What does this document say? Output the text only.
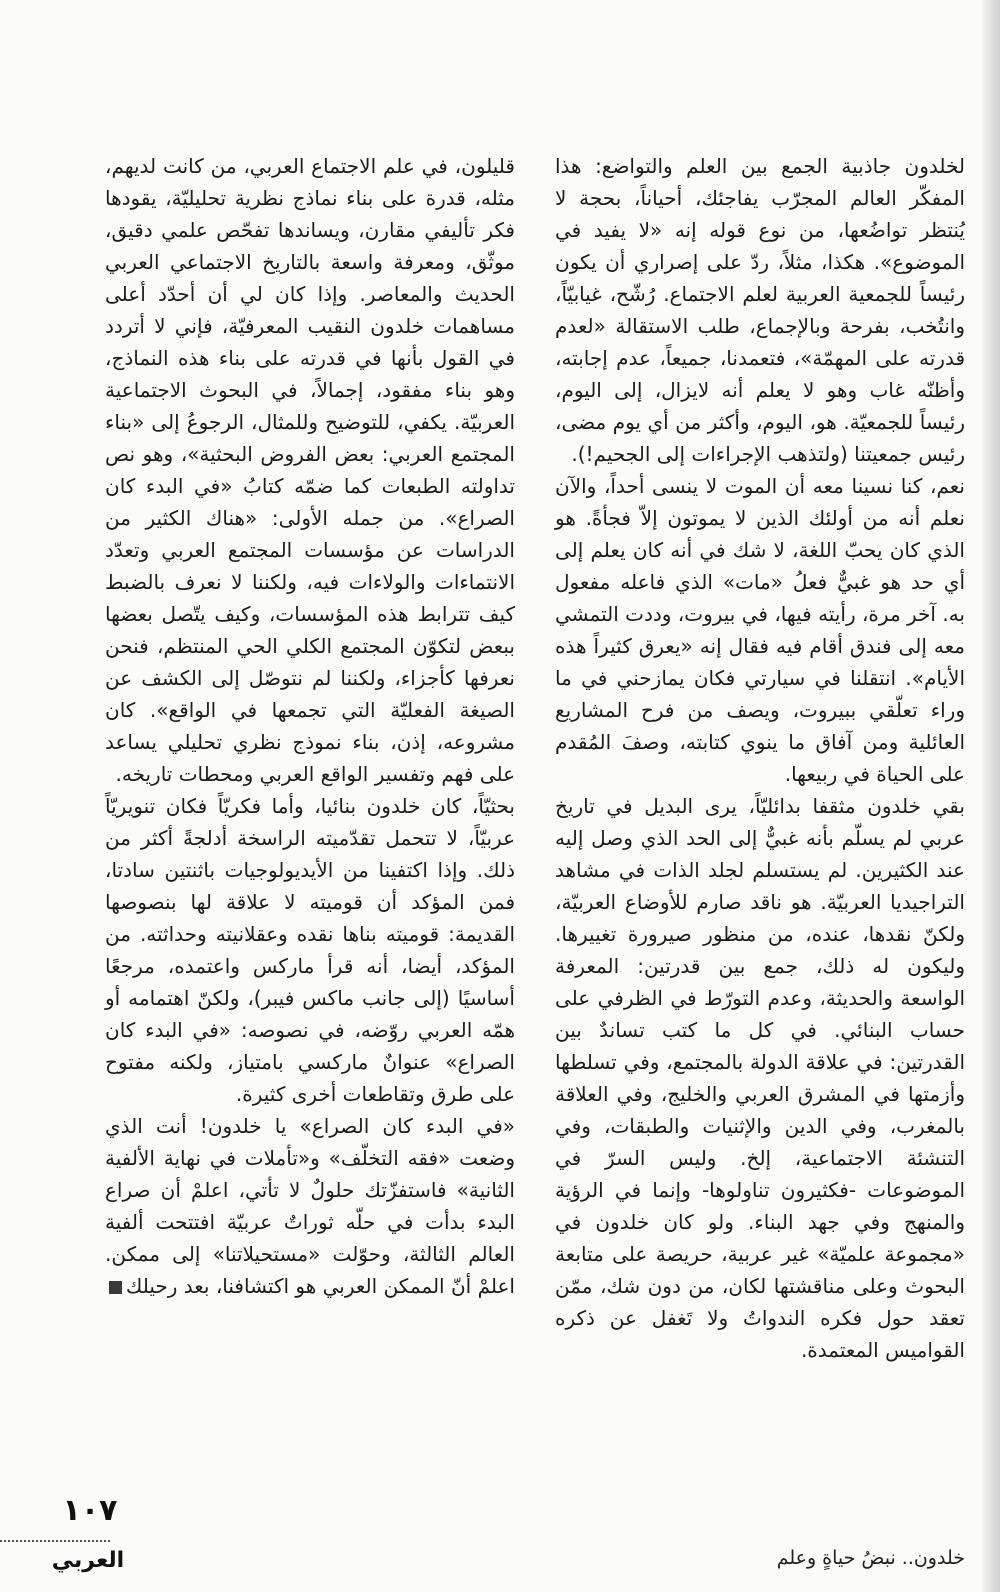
لخلدون جاذبية الجمع بين العلم والتواضع: هذا المفكّر العالم المجرّب يفاجئك، أحياناً، بحجة لا يُنتظر تواضُعها، من نوع قوله إنه «لا يفيد في الموضوع». هكذا، مثلاً، ردّ على إصراري أن يكون رئيساً للجمعية العربية لعلم الاجتماع. رُشّح، غيابيّاً، وانتُخب، بفرحة وبالإجماع، طلب الاستقالة «لعدم قدرته على المهمّة»، فتعمدنا، جميعاً، عدم إجابته، وأظنّه غاب وهو لا يعلم أنه لايزال، إلى اليوم، رئيساً للجمعيّة. هو، اليوم، وأكثر من أي يوم مضى، رئيس جمعيتنا (ولتذهب الإجراءات إلى الجحيم!).

نعم، كنا نسينا معه أن الموت لا ينسى أحداً، والآن نعلم أنه من أولئك الذين لا يموتون إلاّ فجأةً. هو الذي كان يحبّ اللغة، لا شك في أنه كان يعلم إلى أي حد هو غبيٌّ فعلُ «مات» الذي فاعله مفعول به. آخر مرة، رأيته فيها، في بيروت، وددت التمشي معه إلى فندق أقام فيه فقال إنه «يعرق كثيراً هذه الأيام». انتقلنا في سيارتي فكان يمازحني في ما وراء تعلّقي ببيروت، ويصف من فرح المشاريع العائلية ومن آفاق ما ينوي كتابته، وصفَ المُقدم على الحياة في ربيعها.

بقي خلدون مثقفا بدائليّاً، يرى البديل في تاريخ عربي لم يسلّم بأنه غبيٌّ إلى الحد الذي وصل إليه عند الكثيرين. لم يستسلم لجلد الذات في مشاهد التراجيديا العربيّة. هو ناقد صارم للأوضاع العربيّة، ولكنّ نقدها، عنده، من منظور صيرورة تغييرها. وليكون له ذلك، جمع بين قدرتين: المعرفة الواسعة والحديثة، وعدم التورّط في الظرفي على حساب البنائي. في كل ما كتب تساندٌ بين القدرتين: في علاقة الدولة بالمجتمع، وفي تسلطها وأزمتها في المشرق العربي والخليج، وفي العلاقة بالمغرب، وفي الدين والإثنيات والطبقات، وفي التنشئة الاجتماعية، إلخ. وليس السرّ في الموضوعات -فكثيرون تناولوها- وإنما في الرؤية والمنهج وفي جهد البناء. ولو كان خلدون في «مجموعة علميّة» غير عربية، حريصة على متابعة البحوث وعلى مناقشتها لكان، من دون شك، ممّن تعقد حول فكره الندواتُ ولا تَغفل عن ذكره القواميس المعتمدة.

قليلون، في علم الاجتماع العربي، من كانت لديهم، مثله، قدرة على بناء نماذج نظرية تحليليّة، يقودها فكر تأليفي مقارن، ويساندها تفحّص علمي دقيق، موثّق، ومعرفة واسعة بالتاريخ الاجتماعي العربي الحديث والمعاصر. وإذا كان لي أن أحدّد أعلى مساهمات خلدون النقيب المعرفيّة، فإني لا أتردد في القول بأنها في قدرته على بناء هذه النماذج، وهو بناء مفقود، إجمالاً، في البحوث الاجتماعية العربيّة. يكفي، للتوضيح وللمثال، الرجوعُ إلى «بناء المجتمع العربي: بعض الفروض البحثية»، وهو نص تداولته الطبعات كما ضمّه كتابُ «في البدء كان الصراع». من جمله الأولى: «هناك الكثير من الدراسات عن مؤسسات المجتمع العربي وتعدّد الانتماءات والولاءات فيه، ولكننا لا نعرف بالضبط كيف تترابط هذه المؤسسات، وكيف يتّصل بعضها ببعض لتكوّن المجتمع الكلي الحي المنتظم، فنحن نعرفها كأجزاء، ولكننا لم نتوصّل إلى الكشف عن الصيغة الفعليّة التي تجمعها في الواقع». كان مشروعه، إذن، بناء نموذج نظري تحليلي يساعد على فهم وتفسير الواقع العربي ومحطات تاريخه.

بحثيّاً، كان خلدون بنائيا، وأما فكريّاً فكان تنويريّاً عربيّاً، لا تتحمل تقدّميته الراسخة أدلجةً أكثر من ذلك. وإذا اكتفينا من الأيديولوجيات باثنتين سادتا، فمن المؤكد أن قوميته لا علاقة لها بنصوصها القديمة: قوميته بناها نقده وعقلانيته وحداثته. من المؤكد، أيضا، أنه قرأ ماركس واعتمده، مرجعًا أساسيًا (إلى جانب ماكس فيبر)، ولكنّ اهتمامه أو همّه العربي روّضه، في نصوصه: «في البدء كان الصراع» عنوانٌ ماركسي بامتياز، ولكنه مفتوح على طرق وتقاطعات أخرى كثيرة.

«في البدء كان الصراع» يا خلدون! أنت الذي وضعت «فقه التخلّف» و«تأملات في نهاية الألفية الثانية» فاستفزّتك حلولٌ لا تأتي، اعلمْ أن صراع البدء بدأت في حلّه ثوراتٌ عربيّة افتتحت ألفية العالم الثالثة، وحوّلت «مستحيلاتنا» إلى ممكن. اعلمْ أنّ الممكن العربي هو اكتشافنا، بعد رحيلك

١٠٧
العربي	خلدون.. نبضُ حياةٍ وعلم
